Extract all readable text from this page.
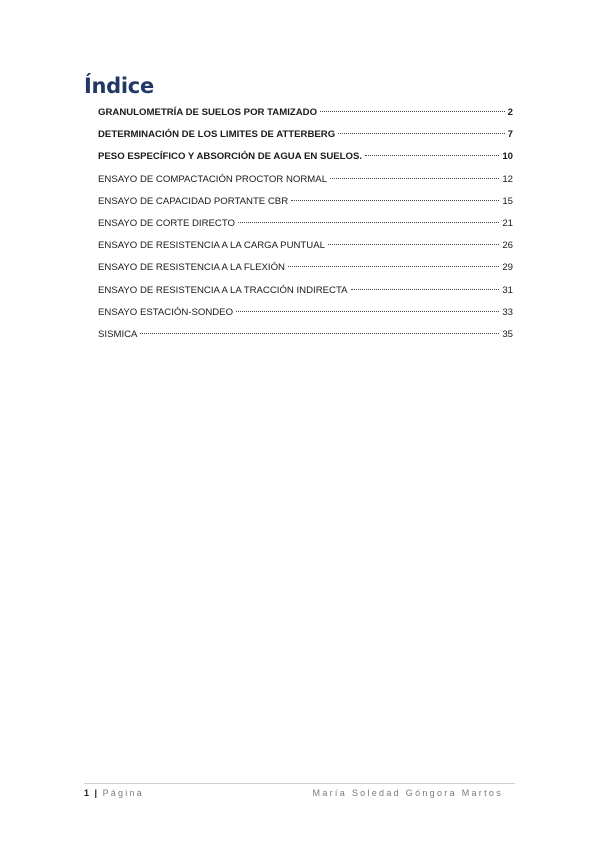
Índice
GRANULOMETRÍA DE SUELOS POR TAMIZADO	2
DETERMINACIÓN DE LOS LIMITES DE ATTERBERG	7
PESO ESPECÍFICO Y ABSORCIÓN DE AGUA EN SUELOS.	10
ENSAYO DE COMPACTACIÓN PROCTOR NORMAL	12
ENSAYO DE CAPACIDAD PORTANTE CBR	15
ENSAYO DE CORTE DIRECTO	21
ENSAYO DE RESISTENCIA A LA CARGA PUNTUAL	26
ENSAYO DE RESISTENCIA A LA FLEXIÓN	29
ENSAYO DE RESISTENCIA A LA TRACCIÓN INDIRECTA	31
ENSAYO ESTACIÓN-SONDEO	33
SISMICA	35
1 | Página	María Soledad Góngora Martos
